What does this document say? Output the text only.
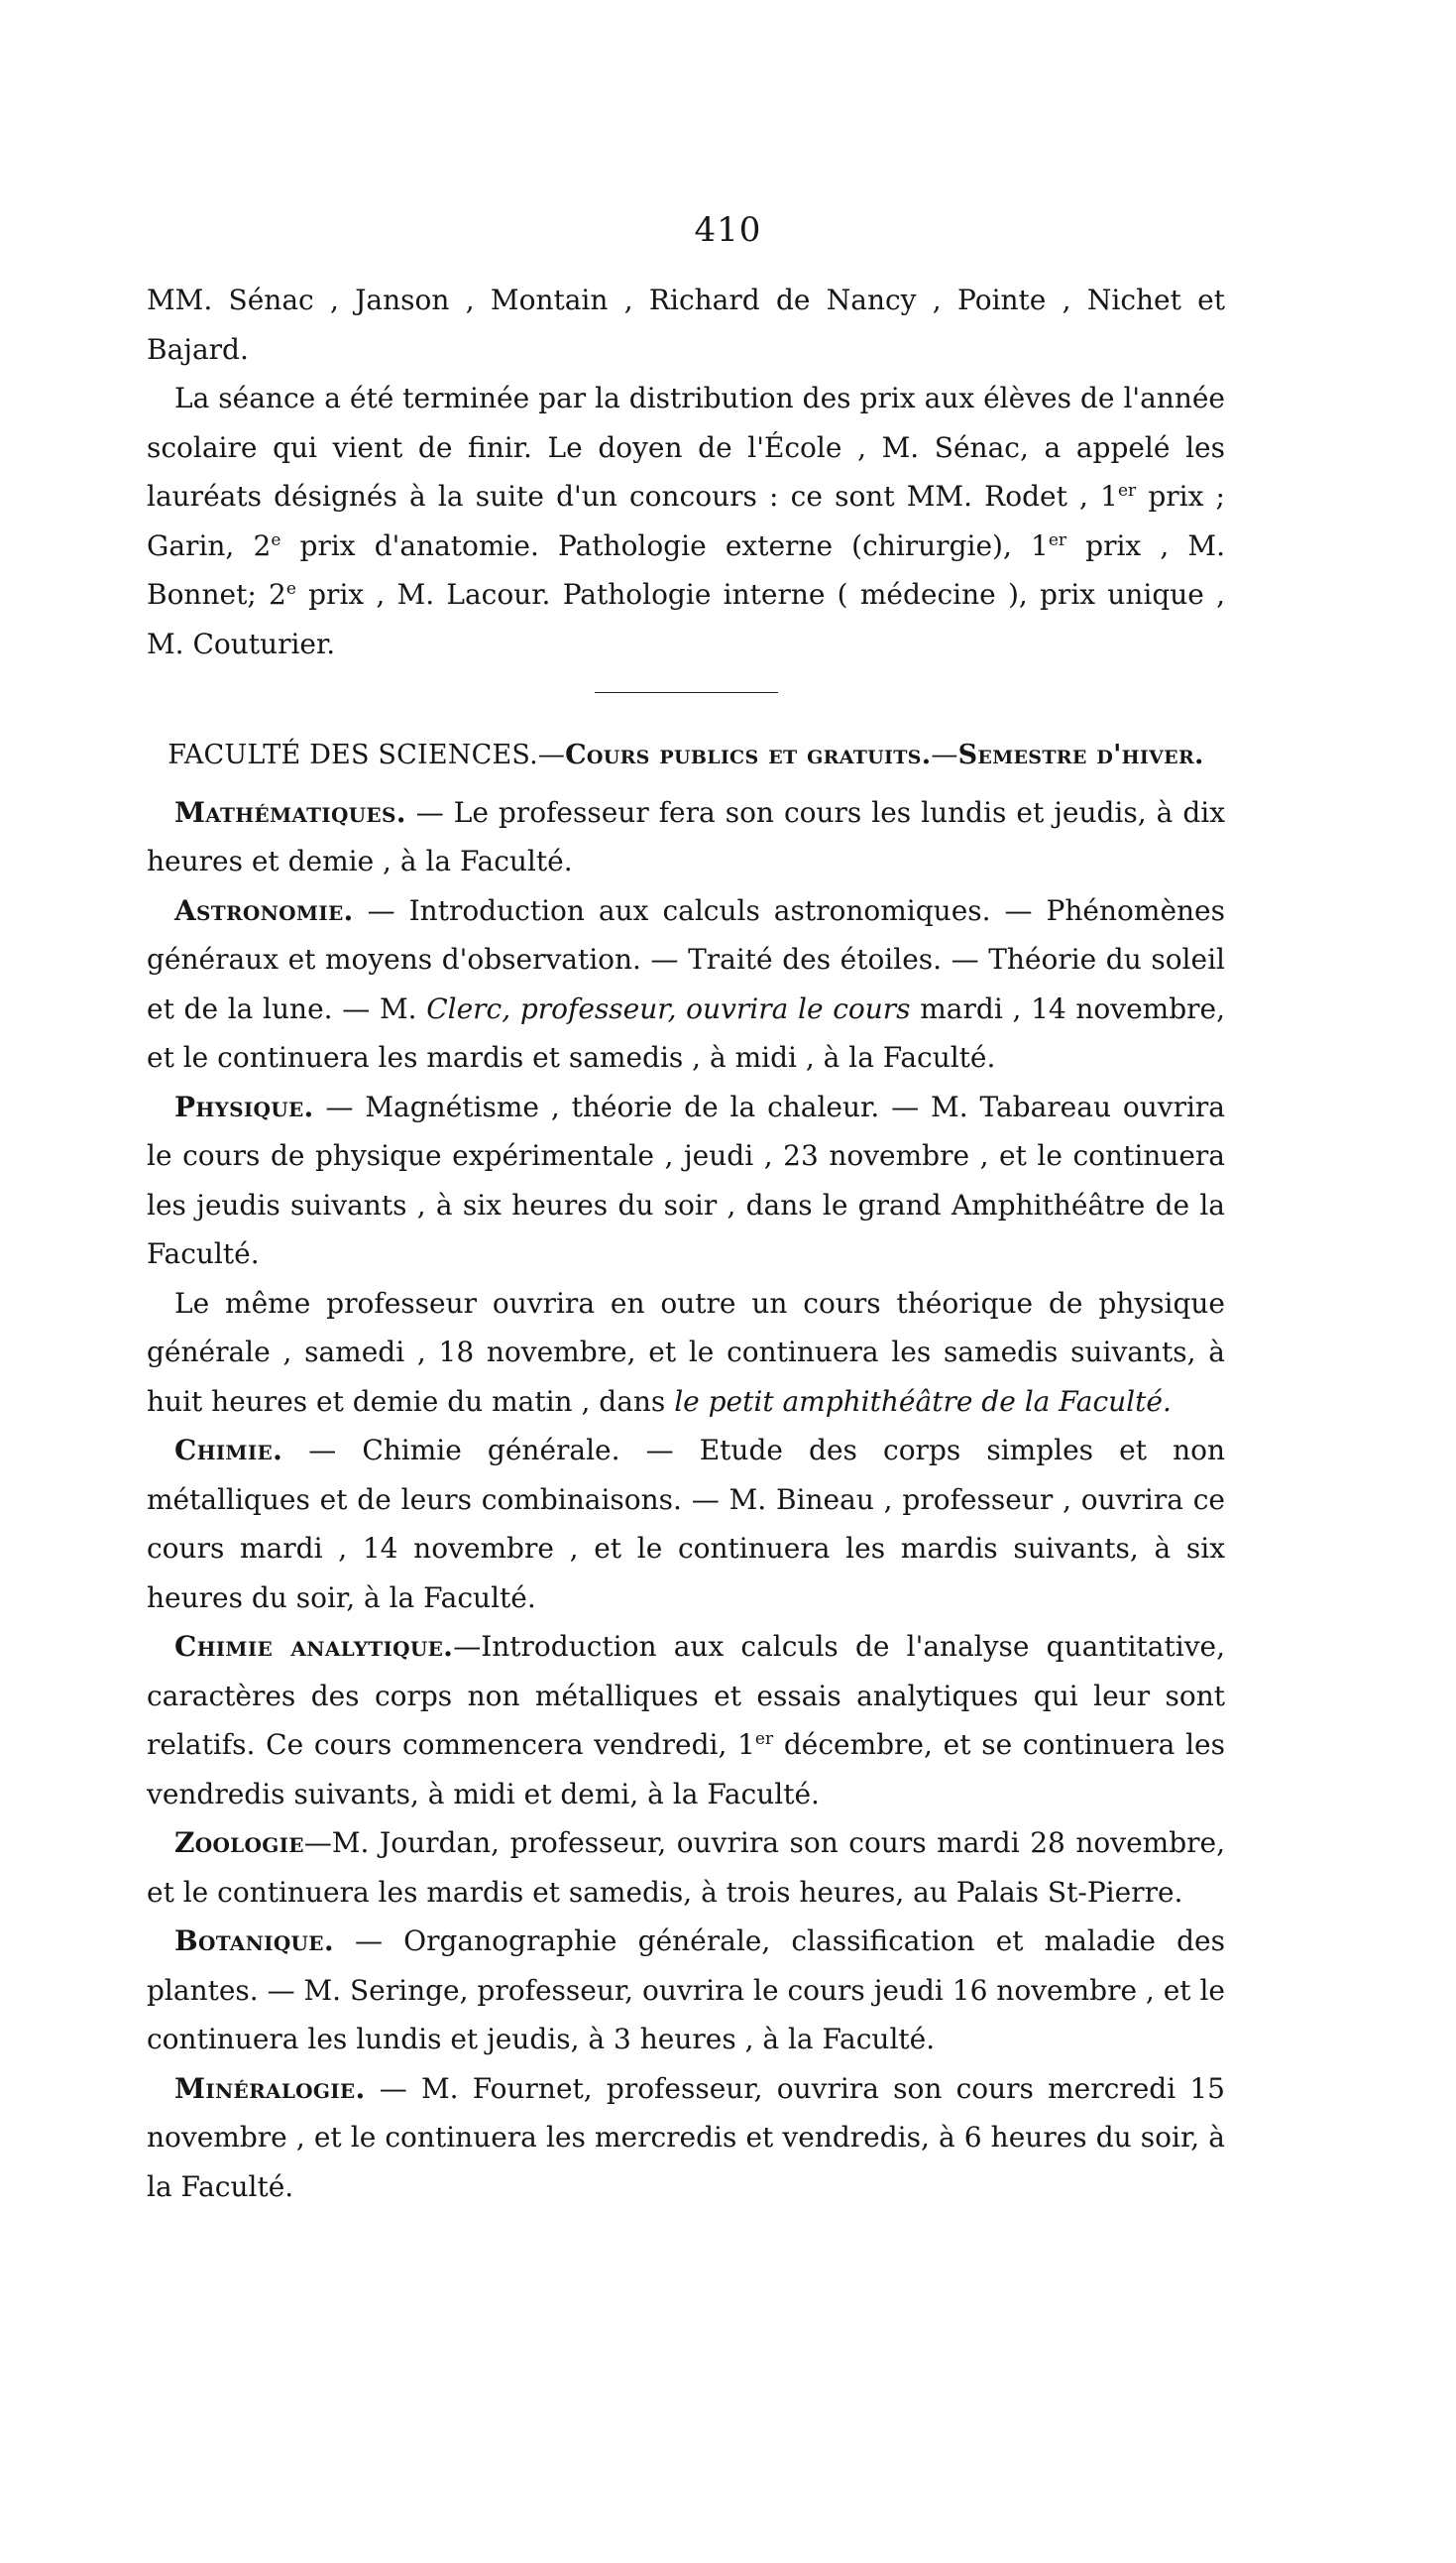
410

MM. Sénac , Janson , Montain , Richard de Nancy , Pointe , Nichet et Bajard.

La séance a été terminée par la distribution des prix aux élèves de l'année scolaire qui vient de finir. Le doyen de l'École , M. Sénac, a appelé les lauréats désignés à la suite d'un concours : ce sont MM. Rodet , 1er prix ; Garin, 2e prix d'anatomie. Pathologie externe (chirurgie), 1er prix , M. Bonnet; 2e prix , M. Lacour. Pathologie interne ( médecine ), prix unique , M. Couturier.

FACULTÉ DES SCIENCES.—Cours publics et gratuits.—Semestre d'hiver.

Mathématiques. — Le professeur fera son cours les lundis et jeudis, à dix heures et demie , à la Faculté.

Astronomie. — Introduction aux calculs astronomiques. — Phénomènes généraux et moyens d'observation. — Traité des étoiles. — Théorie du soleil et de la lune. — M. Clerc, professeur, ouvrira le cours mardi , 14 novembre, et le continuera les mardis et samedis , à midi , à la Faculté.

Physique. — Magnétisme , théorie de la chaleur. — M. Tabareau ouvrira le cours de physique expérimentale , jeudi , 23 novembre , et le continuera les jeudis suivants , à six heures du soir , dans le grand Amphithéâtre de la Faculté.

Le même professeur ouvrira en outre un cours théorique de physique générale , samedi , 18 novembre, et le continuera les samedis suivants, à huit heures et demie du matin , dans le petit amphithéâtre de la Faculté.

Chimie. — Chimie générale. — Etude des corps simples et non métalliques et de leurs combinaisons. — M. Bineau , professeur , ouvrira ce cours mardi , 14 novembre , et le continuera les mardis suivants, à six heures du soir, à la Faculté.

Chimie analytique.—Introduction aux calculs de l'analyse quantitative, caractères des corps non métalliques et essais analytiques qui leur sont relatifs. Ce cours commencera vendredi, 1er décembre, et se continuera les vendredis suivants, à midi et demi, à la Faculté.

Zoologie—M. Jourdan, professeur, ouvrira son cours mardi 28 novembre, et le continuera les mardis et samedis, à trois heures, au Palais St-Pierre.

Botanique. — Organographie générale, classification et maladie des plantes. — M. Seringe, professeur, ouvrira le cours jeudi 16 novembre , et le continuera les lundis et jeudis, à 3 heures , à la Faculté.

Minéralogie. — M. Fournet, professeur, ouvrira son cours mercredi 15 novembre , et le continuera les mercredis et vendredis, à 6 heures du soir, à la Faculté.
